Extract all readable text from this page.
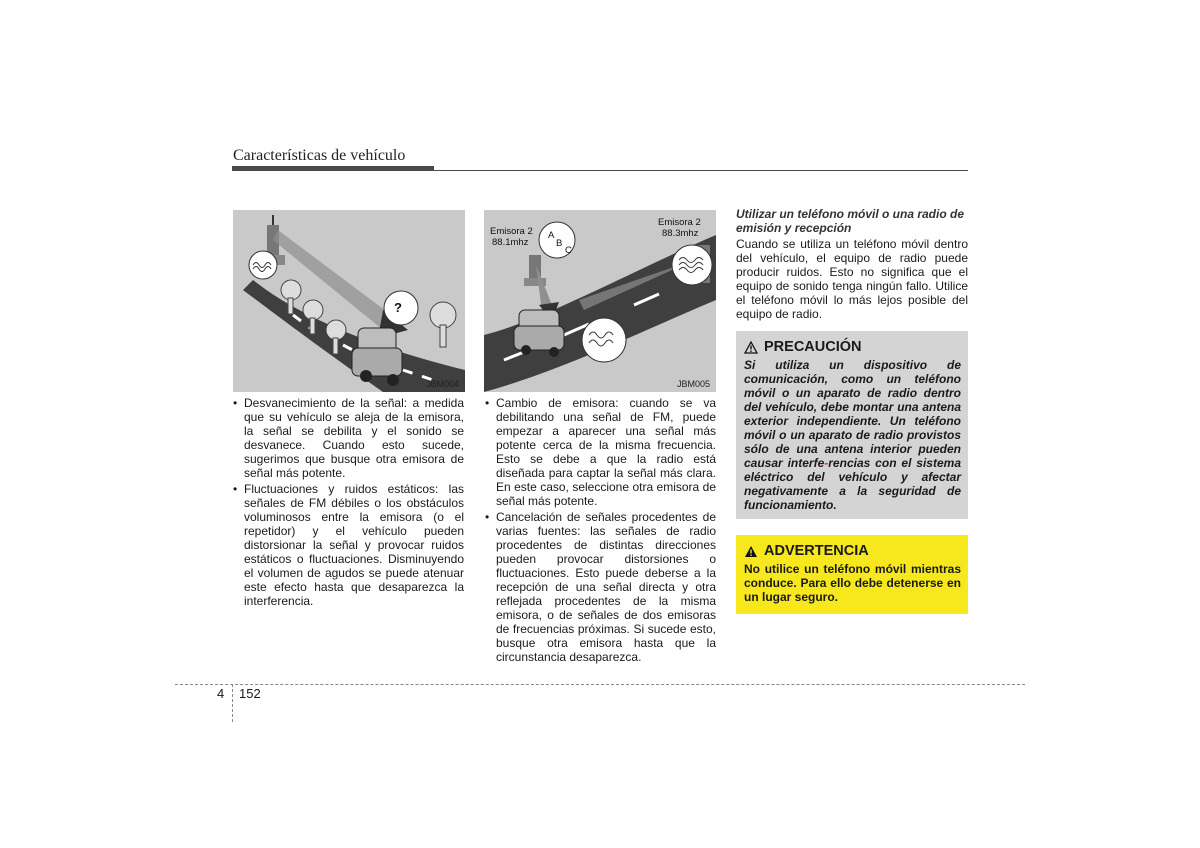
Características de vehículo
?
JBM004
Emisora 2
88.1mhz
Emisora 2
88.3mhz
A
B
C
JBM005
• Desvanecimiento de la señal: a medida que su vehículo se aleja de la emisora, la señal se debilita y el sonido se desvanece. Cuando esto sucede, sugerimos que busque otra emisora de señal más potente.
• Fluctuaciones y ruidos estáticos: las señales de FM débiles o los obstáculos voluminosos entre la emisora (o el repetidor) y el vehículo pueden distorsionar la señal y provocar ruidos estáticos o fluctuaciones. Disminuyendo el volumen de agudos se puede atenuar este efecto hasta que desaparezca la interferencia.
• Cambio de emisora: cuando se va debilitando una señal de FM, puede empezar a aparecer una señal más potente cerca de la misma frecuencia. Esto se debe a que la radio está diseñada para captar la señal más clara. En este caso, seleccione otra emisora de señal más potente.
• Cancelación de señales procedentes de varias fuentes: las señales de radio procedentes de distintas direcciones pueden provocar distorsiones o fluctuaciones. Esto puede deberse a la recepción de una señal directa y otra reflejada procedentes de la misma emisora, o de señales de dos emisoras de frecuencias próximas. Si sucede esto, busque otra emisora hasta que la circunstancia desaparezca.
Utilizar un teléfono móvil o una radio de emisión y recepción
Cuando se utiliza un teléfono móvil dentro del vehículo, el equipo de radio puede producir ruidos. Esto no significa que el equipo de sonido tenga ningún fallo. Utilice el teléfono móvil lo más lejos posible del equipo de radio.
PRECAUCIÓN
Si utiliza un dispositivo de comunicación, como un teléfono móvil o un aparato de radio dentro del vehículo, debe montar una antena exterior independiente. Un teléfono móvil o un aparato de radio provistos sólo de una antena interior pueden causar interfe-rencias con el sistema eléctrico del vehículo y afectar negativamente a la seguridad de funcionamiento.
ADVERTENCIA
No utilice un teléfono móvil mientras conduce. Para ello debe detenerse en un lugar seguro.
4 152
